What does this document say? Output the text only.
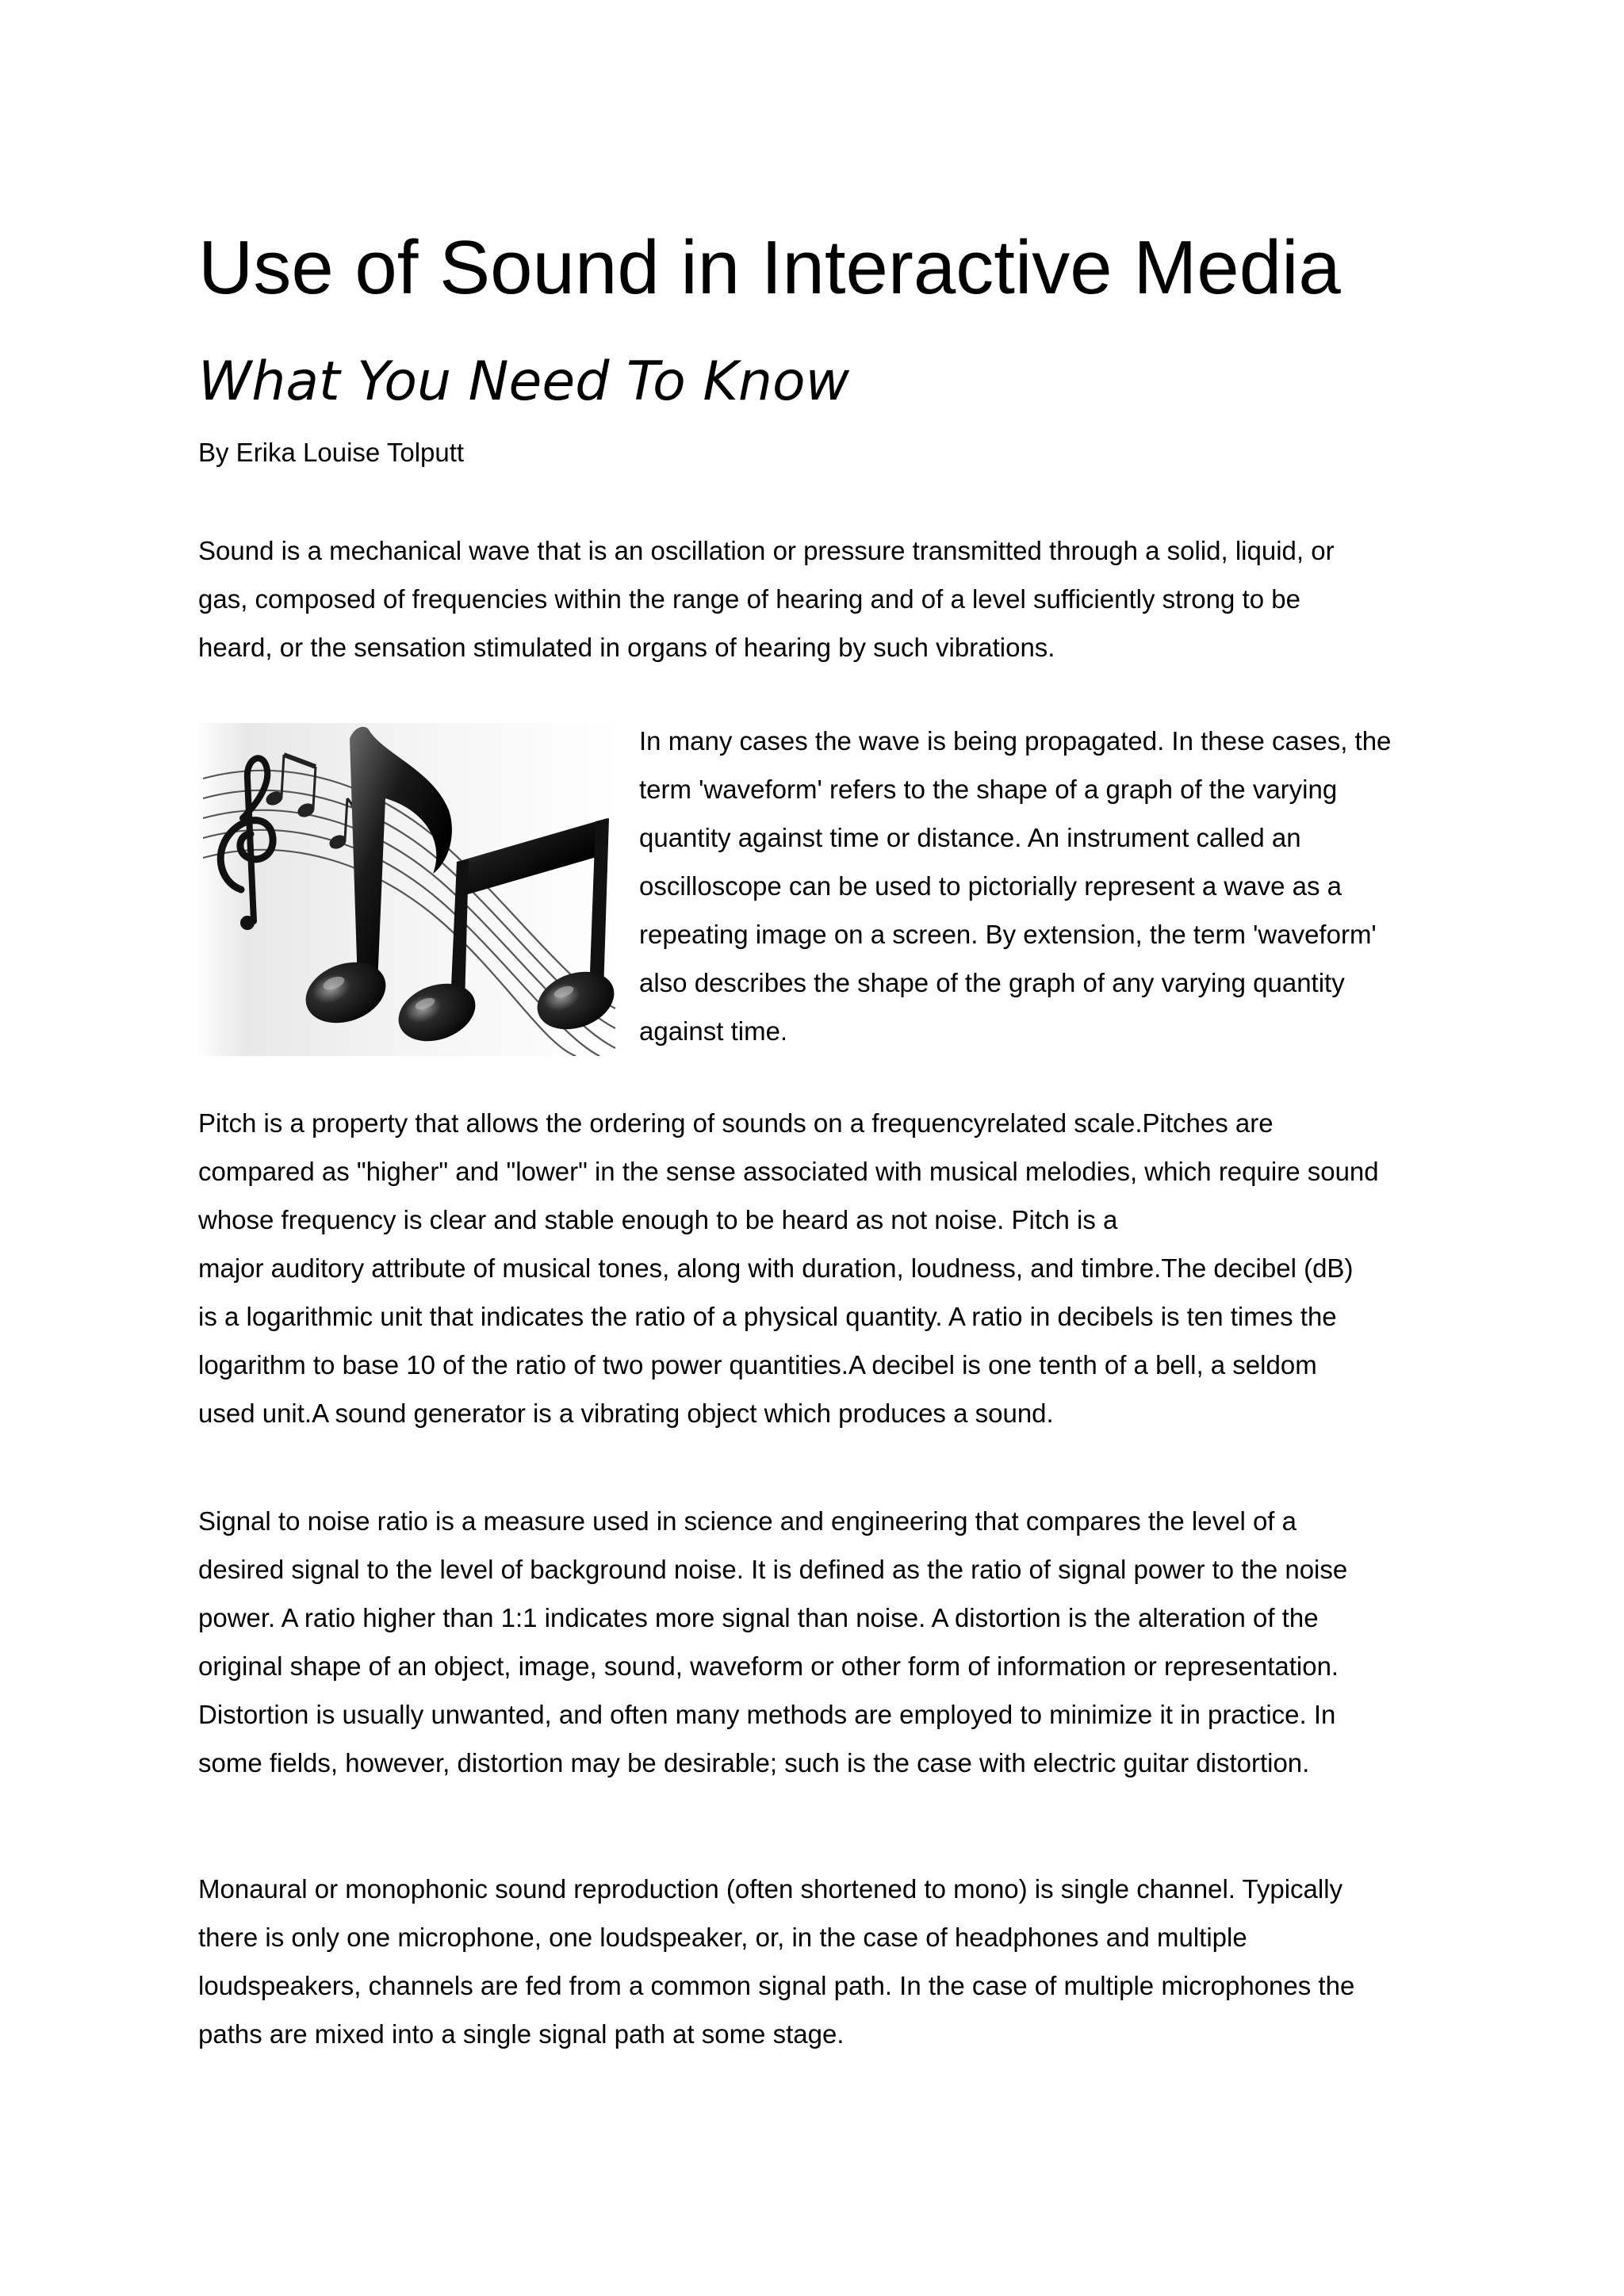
Use of Sound in Interactive Media
What You Need To Know

By Erika Louise Tolputt

Sound is a mechanical wave that is an oscillation or pressure transmitted through a solid, liquid, or
gas, composed of frequencies within the range of hearing and of a level sufficiently strong to be
heard, or the sensation stimulated in organs of hearing by such vibrations.
In many cases the wave is being propagated. In these cases, the
term 'waveform' refers to the shape of a graph of the varying
quantity against time or distance. An instrument called an
oscilloscope can be used to pictorially represent a wave as a
repeating image on a screen. By extension, the term 'waveform'
also describes the shape of the graph of any varying quantity
against time.
Pitch is a property that allows the ordering of sounds on a frequencyrelated scale.Pitches are
compared as "higher" and "lower" in the sense associated with musical melodies, which require sound
whose frequency is clear and stable enough to be heard as not noise. Pitch is a
major auditory attribute of musical tones, along with duration, loudness, and timbre.The decibel (dB)
is a logarithmic unit that indicates the ratio of a physical quantity. A ratio in decibels is ten times the
logarithm to base 10 of the ratio of two power quantities.A decibel is one tenth of a bell, a seldom
used unit.A sound generator is a vibrating object which produces a sound.
Signal to noise ratio is a measure used in science and engineering that compares the level of a
desired signal to the level of background noise. It is defined as the ratio of signal power to the noise
power. A ratio higher than 1:1 indicates more signal than noise. A distortion is the alteration of the
original shape of an object, image, sound, waveform or other form of information or representation.
Distortion is usually unwanted, and often many methods are employed to minimize it in practice. In
some fields, however, distortion may be desirable; such is the case with electric guitar distortion.
Monaural or monophonic sound reproduction (often shortened to mono) is single channel. Typically
there is only one microphone, one loudspeaker, or, in the case of headphones and multiple
loudspeakers, channels are fed from a common signal path. In the case of multiple microphones the
paths are mixed into a single signal path at some stage.
